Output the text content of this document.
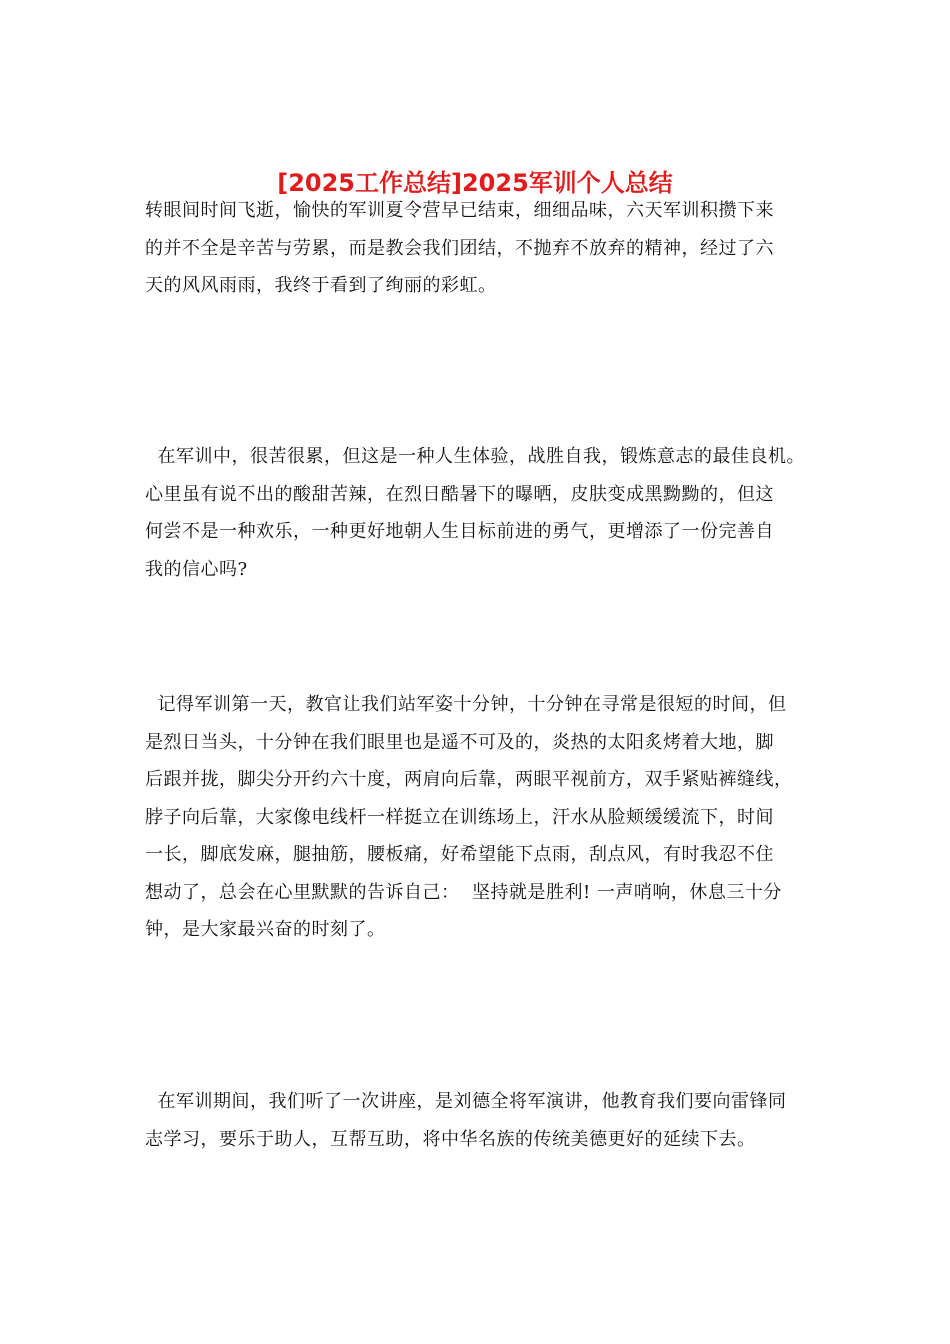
[2025工作总结]2025军训个人总结

转眼间时间飞逝，愉快的军训夏令营早已结束，细细品味，六天军训积攒下来
的并不全是辛苦与劳累，而是教会我们团结，不抛弃不放弃的精神，经过了六
天的风风雨雨，我终于看到了绚丽的彩虹。

在军训中，很苦很累，但这是一种人生体验，战胜自我，锻炼意志的最佳良机。
心里虽有说不出的酸甜苦辣，在烈日酷暑下的曝晒，皮肤变成黑黝黝的，但这
何尝不是一种欢乐，一种更好地朝人生目标前进的勇气，更增添了一份完善自
我的信心吗?

记得军训第一天，教官让我们站军姿十分钟，十分钟在寻常是很短的时间，但
是烈日当头，十分钟在我们眼里也是遥不可及的，炎热的太阳炙烤着大地，脚
后跟并拢，脚尖分开约六十度，两肩向后靠，两眼平视前方，双手紧贴裤缝线，
脖子向后靠，大家像电线杆一样挺立在训练场上，汗水从脸颊缓缓流下，时间
一长，脚底发麻，腿抽筋，腰板痛，好希望能下点雨，刮点风，有时我忍不住
想动了，总会在心里默默的告诉自己：  坚持就是胜利! 一声哨响，休息三十分
钟，是大家最兴奋的时刻了。

在军训期间，我们听了一次讲座，是刘德全将军演讲，他教育我们要向雷锋同
志学习，要乐于助人，互帮互助，将中华名族的传统美德更好的延续下去。
